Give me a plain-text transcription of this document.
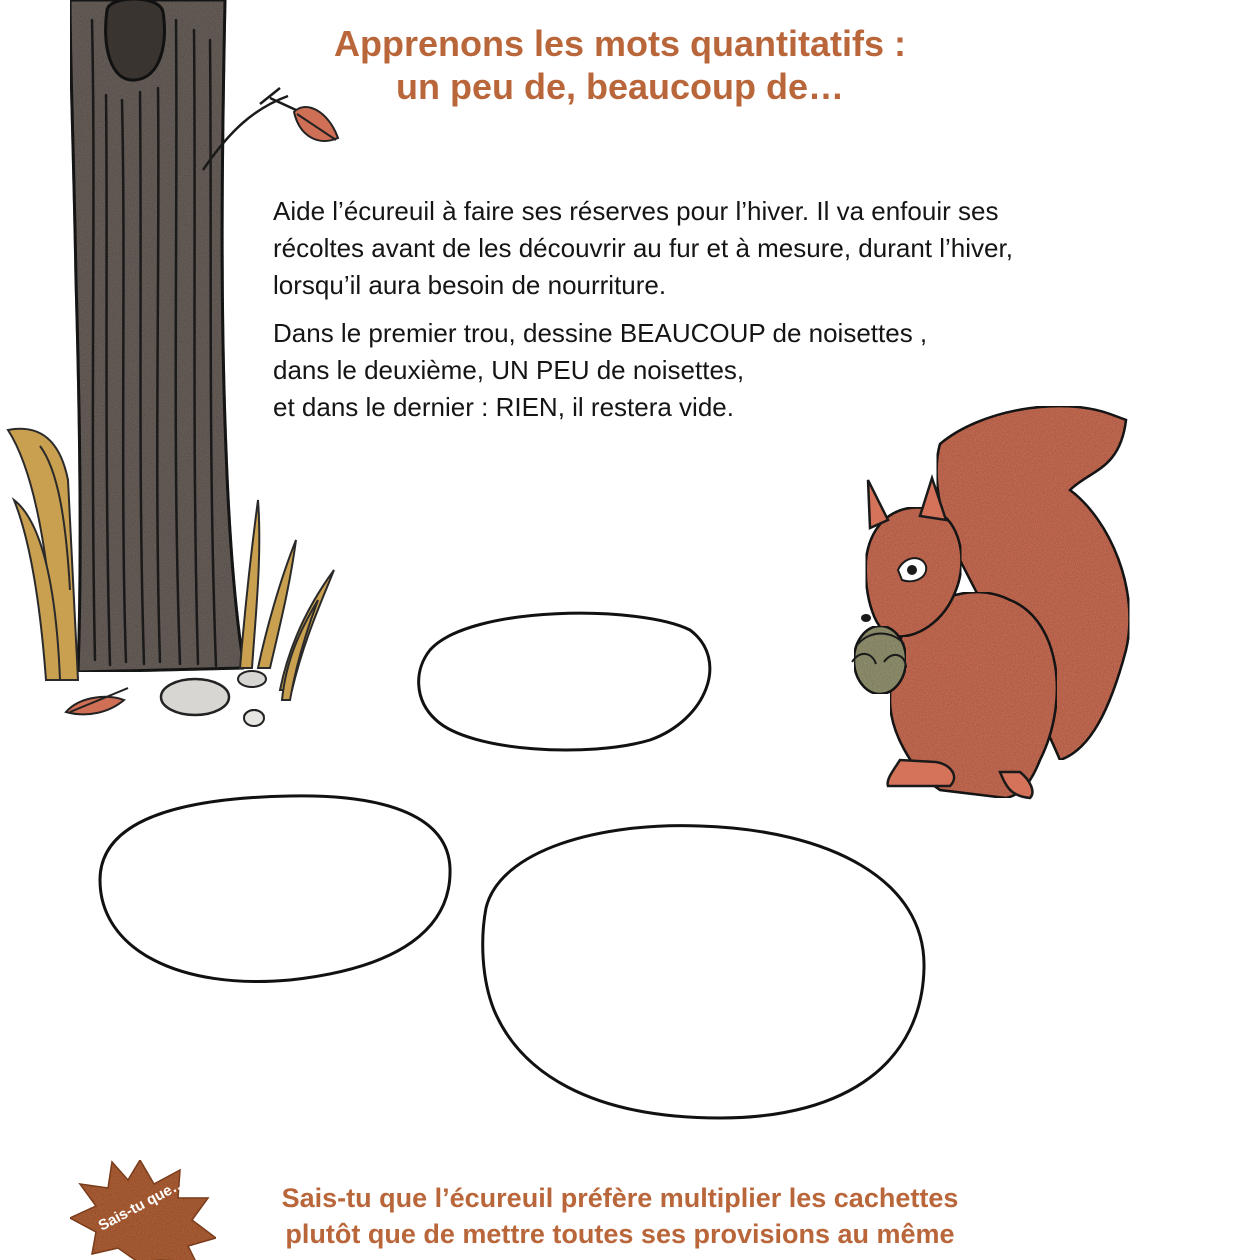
Apprenons les mots quantitatifs :
un peu de, beaucoup de…

Aide l’écureuil à faire ses réserves pour l’hiver. Il va enfouir ses
récoltes avant de les découvrir au fur et à mesure, durant l’hiver,
lorsqu’il aura besoin de nourriture.

Dans le premier trou, dessine BEAUCOUP de noisettes ,
dans le deuxième, UN PEU de noisettes,
et dans le dernier : RIEN, il restera vide.

Sais-tu que…	Sais-tu que l’écureuil préfère multiplier les cachettes
plutôt que de mettre toutes ses provisions au même
